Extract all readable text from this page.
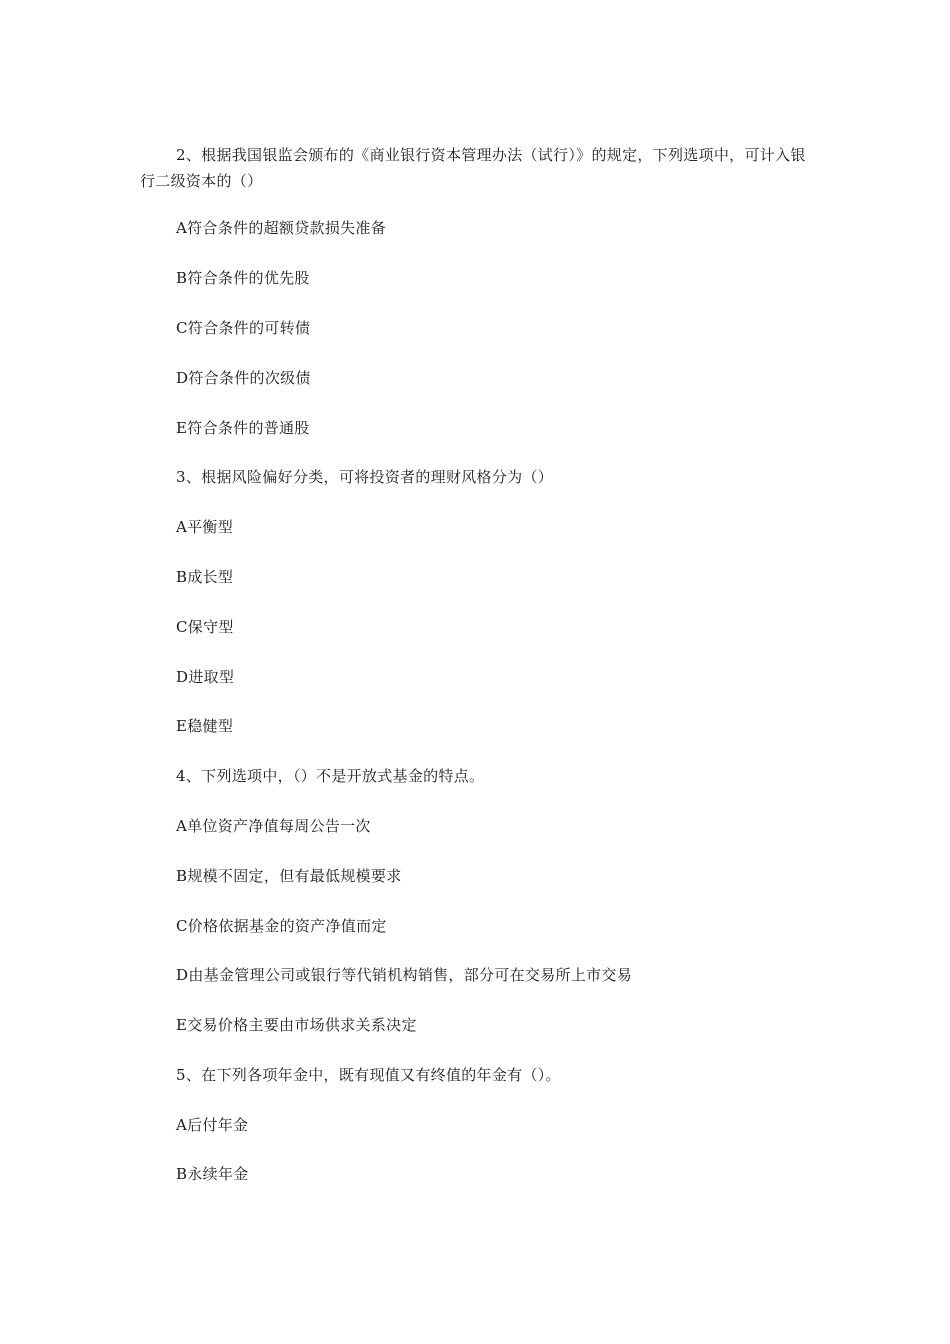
2、根据我国银监会颁布的《商业银行资本管理办法（试行）》的规定，下列选项中，可计入银行二级资本的（）
A符合条件的超额贷款损失准备
B符合条件的优先股
C符合条件的可转债
D符合条件的次级债
E符合条件的普通股
3、根据风险偏好分类，可将投资者的理财风格分为（）
A平衡型
B成长型
C保守型
D进取型
E稳健型
4、下列选项中，（）不是开放式基金的特点。
A单位资产净值每周公告一次
B规模不固定，但有最低规模要求
C价格依据基金的资产净值而定
D由基金管理公司或银行等代销机构销售，部分可在交易所上市交易
E交易价格主要由市场供求关系决定
5、在下列各项年金中，既有现值又有终值的年金有（）。
A后付年金
B永续年金
